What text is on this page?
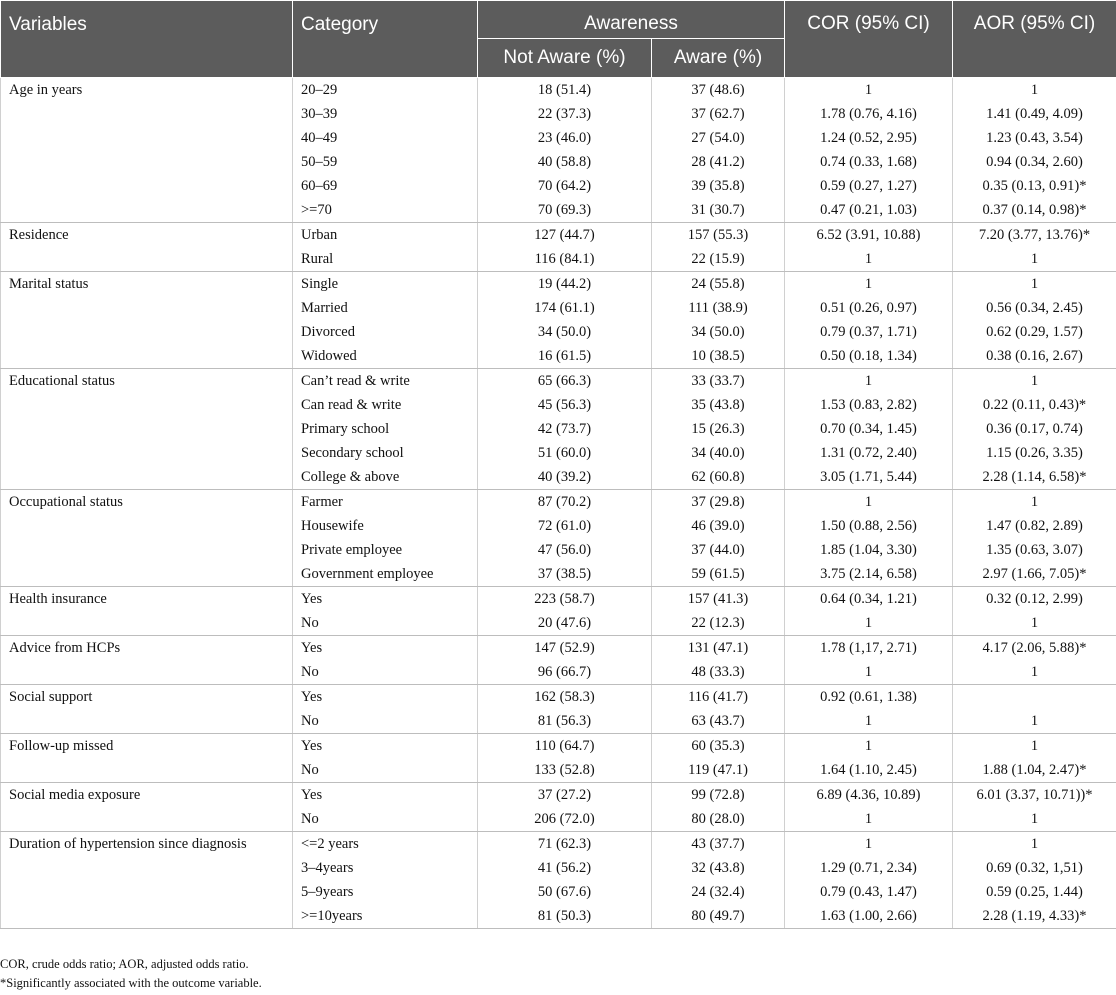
Variables	Category	Awareness		COR (95% CI)	AOR (95% CI)
		Not Aware (%)	Aware (%)		
Age in years	20–29	18 (51.4)	37 (48.6)	1	1
	30–39	22 (37.3)	37 (62.7)	1.78 (0.76, 4.16)	1.41 (0.49, 4.09)
	40–49	23 (46.0)	27 (54.0)	1.24 (0.52, 2.95)	1.23 (0.43, 3.54)
	50–59	40 (58.8)	28 (41.2)	0.74 (0.33, 1.68)	0.94 (0.34, 2.60)
	60–69	70 (64.2)	39 (35.8)	0.59 (0.27, 1.27)	0.35 (0.13, 0.91)*
	>=70	70 (69.3)	31 (30.7)	0.47 (0.21, 1.03)	0.37 (0.14, 0.98)*
Residence	Urban	127 (44.7)	157 (55.3)	6.52 (3.91, 10.88)	7.20 (3.77, 13.76)*
	Rural	116 (84.1)	22 (15.9)	1	1
Marital status	Single	19 (44.2)	24 (55.8)	1	1
	Married	174 (61.1)	111 (38.9)	0.51 (0.26, 0.97)	0.56 (0.34, 2.45)
	Divorced	34 (50.0)	34 (50.0)	0.79 (0.37, 1.71)	0.62 (0.29, 1.57)
	Widowed	16 (61.5)	10 (38.5)	0.50 (0.18, 1.34)	0.38 (0.16, 2.67)
Educational status	Can’t read & write	65 (66.3)	33 (33.7)	1	1
	Can read & write	45 (56.3)	35 (43.8)	1.53 (0.83, 2.82)	0.22 (0.11, 0.43)*
	Primary school	42 (73.7)	15 (26.3)	0.70 (0.34, 1.45)	0.36 (0.17, 0.74)
	Secondary school	51 (60.0)	34 (40.0)	1.31 (0.72, 2.40)	1.15 (0.26, 3.35)
	College & above	40 (39.2)	62 (60.8)	3.05 (1.71, 5.44)	2.28 (1.14, 6.58)*
Occupational status	Farmer	87 (70.2)	37 (29.8)	1	1
	Housewife	72 (61.0)	46 (39.0)	1.50 (0.88, 2.56)	1.47 (0.82, 2.89)
	Private employee	47 (56.0)	37 (44.0)	1.85 (1.04, 3.30)	1.35 (0.63, 3.07)
	Government employee	37 (38.5)	59 (61.5)	3.75 (2.14, 6.58)	2.97 (1.66, 7.05)*
Health insurance	Yes	223 (58.7)	157 (41.3)	0.64 (0.34, 1.21)	0.32 (0.12, 2.99)
	No	20 (47.6)	22 (12.3)	1	1
Advice from HCPs	Yes	147 (52.9)	131 (47.1)	1.78 (1,17, 2.71)	4.17 (2.06, 5.88)*
	No	96 (66.7)	48 (33.3)	1	1
Social support	Yes	162 (58.3)	116 (41.7)	0.92 (0.61, 1.38)	
	No	81 (56.3)	63 (43.7)	1	1
Follow-up missed	Yes	110 (64.7)	60 (35.3)	1	1
	No	133 (52.8)	119 (47.1)	1.64 (1.10, 2.45)	1.88 (1.04, 2.47)*
Social media exposure	Yes	37 (27.2)	99 (72.8)	6.89 (4.36, 10.89)	6.01 (3.37, 10.71))*
	No	206 (72.0)	80 (28.0)	1	1
Duration of hypertension since diagnosis	<=2 years	71 (62.3)	43 (37.7)	1	1
	3–4years	41 (56.2)	32 (43.8)	1.29 (0.71, 2.34)	0.69 (0.32, 1,51)
	5–9years	50 (67.6)	24 (32.4)	0.79 (0.43, 1.47)	0.59 (0.25, 1.44)
	>=10years	81 (50.3)	80 (49.7)	1.63 (1.00, 2.66)	2.28 (1.19, 4.33)*
COR, crude odds ratio; AOR, adjusted odds ratio.
*Significantly associated with the outcome variable.
